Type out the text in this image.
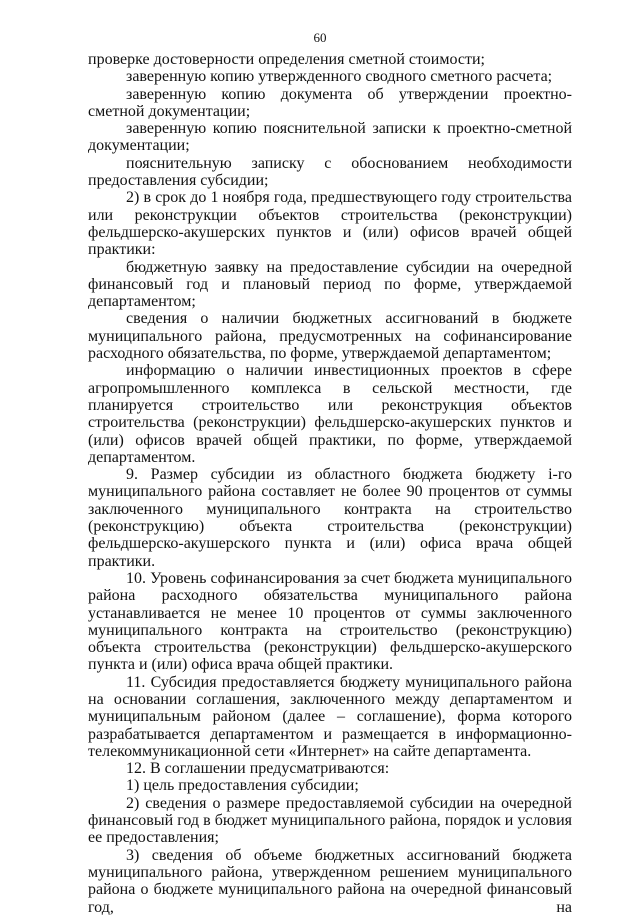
60

проверке достоверности определения сметной стоимости;

заверенную копию утвержденного сводного сметного расчета;

заверенную копию документа об утверждении проектно-сметной документации;

заверенную копию пояснительной записки к проектно-сметной документации;

пояснительную записку с обоснованием необходимости предоставления субсидии;

2) в срок до 1 ноября года, предшествующего году строительства или реконструкции объектов строительства (реконструкции) фельдшерско-акушерских пунктов и (или) офисов врачей общей практики:

бюджетную заявку на предоставление субсидии на очередной финансовый год и плановый период по форме, утверждаемой департаментом;

сведения о наличии бюджетных ассигнований в бюджете муниципального района, предусмотренных на софинансирование расходного обязательства, по форме, утверждаемой департаментом;

информацию о наличии инвестиционных проектов в сфере агропромышленного комплекса в сельской местности, где планируется строительство или реконструкция объектов строительства (реконструкции) фельдшерско-акушерских пунктов и (или) офисов врачей общей практики, по форме, утверждаемой департаментом.

9. Размер субсидии из областного бюджета бюджету i-го муниципального района составляет не более 90 процентов от суммы заключенного муниципального контракта на строительство (реконструкцию) объекта строительства (реконструкции) фельдшерско-акушерского пункта и (или) офиса врача общей практики.

10. Уровень софинансирования за счет бюджета муниципального района расходного обязательства муниципального района устанавливается не менее 10 процентов от суммы заключенного муниципального контракта на строительство (реконструкцию) объекта строительства (реконструкции) фельдшерско-акушерского пункта и (или) офиса врача общей практики.

11. Субсидия предоставляется бюджету муниципального района на основании соглашения, заключенного между департаментом и муниципальным районом (далее – соглашение), форма которого разрабатывается департаментом и размещается в информационно-телекоммуникационной сети «Интернет» на сайте департамента.

12. В соглашении предусматриваются:

1) цель предоставления субсидии;

2) сведения о размере предоставляемой субсидии на очередной финансовый год в бюджет муниципального района, порядок и условия ее предоставления;

3) сведения об объеме бюджетных ассигнований бюджета муниципального района, утвержденном решением муниципального района о бюджете муниципального района на очередной финансовый год, на
